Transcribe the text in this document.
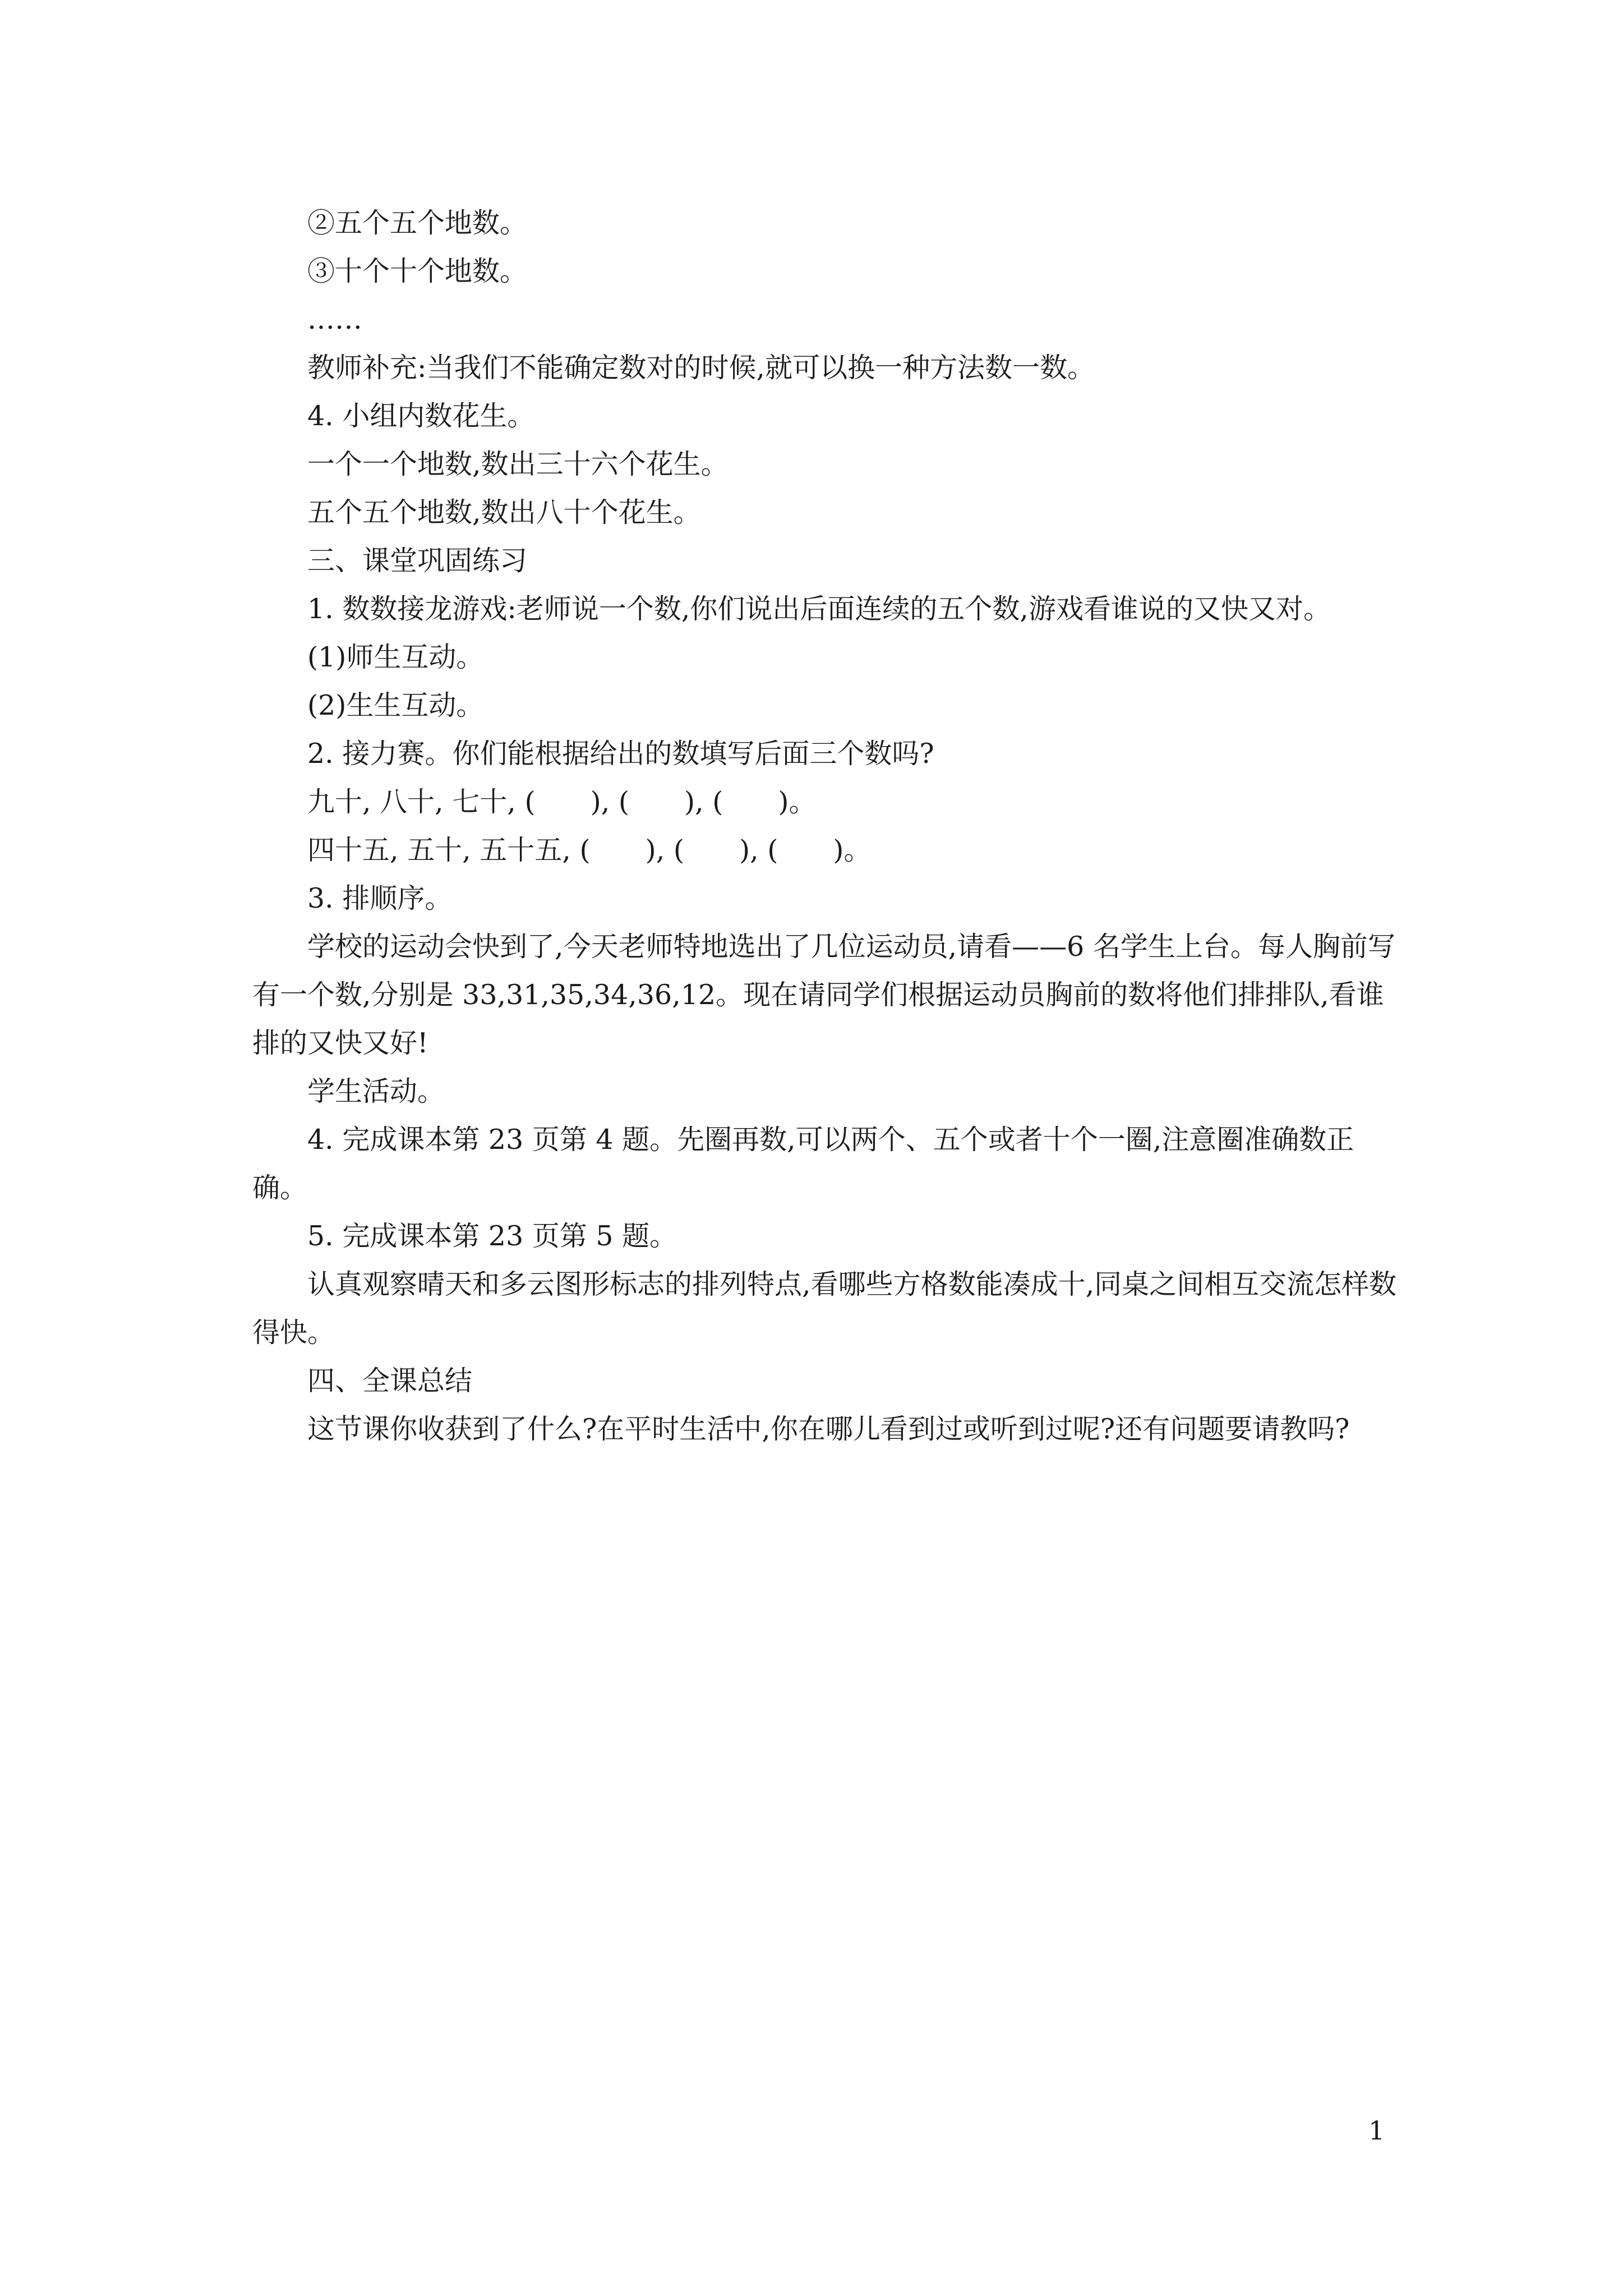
②五个五个地数。

③十个十个地数。

……

教师补充:当我们不能确定数对的时候,就可以换一种方法数一数。

4. 小组内数花生。

一个一个地数,数出三十六个花生。

五个五个地数,数出八十个花生。

三、课堂巩固练习

1. 数数接龙游戏:老师说一个数,你们说出后面连续的五个数,游戏看谁说的又快又对。

(1)师生互动。

(2)生生互动。

2. 接力赛。你们能根据给出的数填写后面三个数吗?

九十, 八十, 七十, (　　), (　　), (　　)。

四十五, 五十, 五十五, (　　), (　　), (　　)。

3. 排顺序。

学校的运动会快到了,今天老师特地选出了几位运动员,请看——6 名学生上台。每人胸前写有一个数,分别是 33,31,35,34,36,12。现在请同学们根据运动员胸前的数将他们排排队,看谁排的又快又好!

学生活动。

4. 完成课本第 23 页第 4 题。先圈再数,可以两个、五个或者十个一圈,注意圈准确数正确。

5. 完成课本第 23 页第 5 题。

认真观察晴天和多云图形标志的排列特点,看哪些方格数能凑成十,同桌之间相互交流怎样数得快。

四、全课总结

这节课你收获到了什么?在平时生活中,你在哪儿看到过或听到过呢?还有问题要请教吗?

1
